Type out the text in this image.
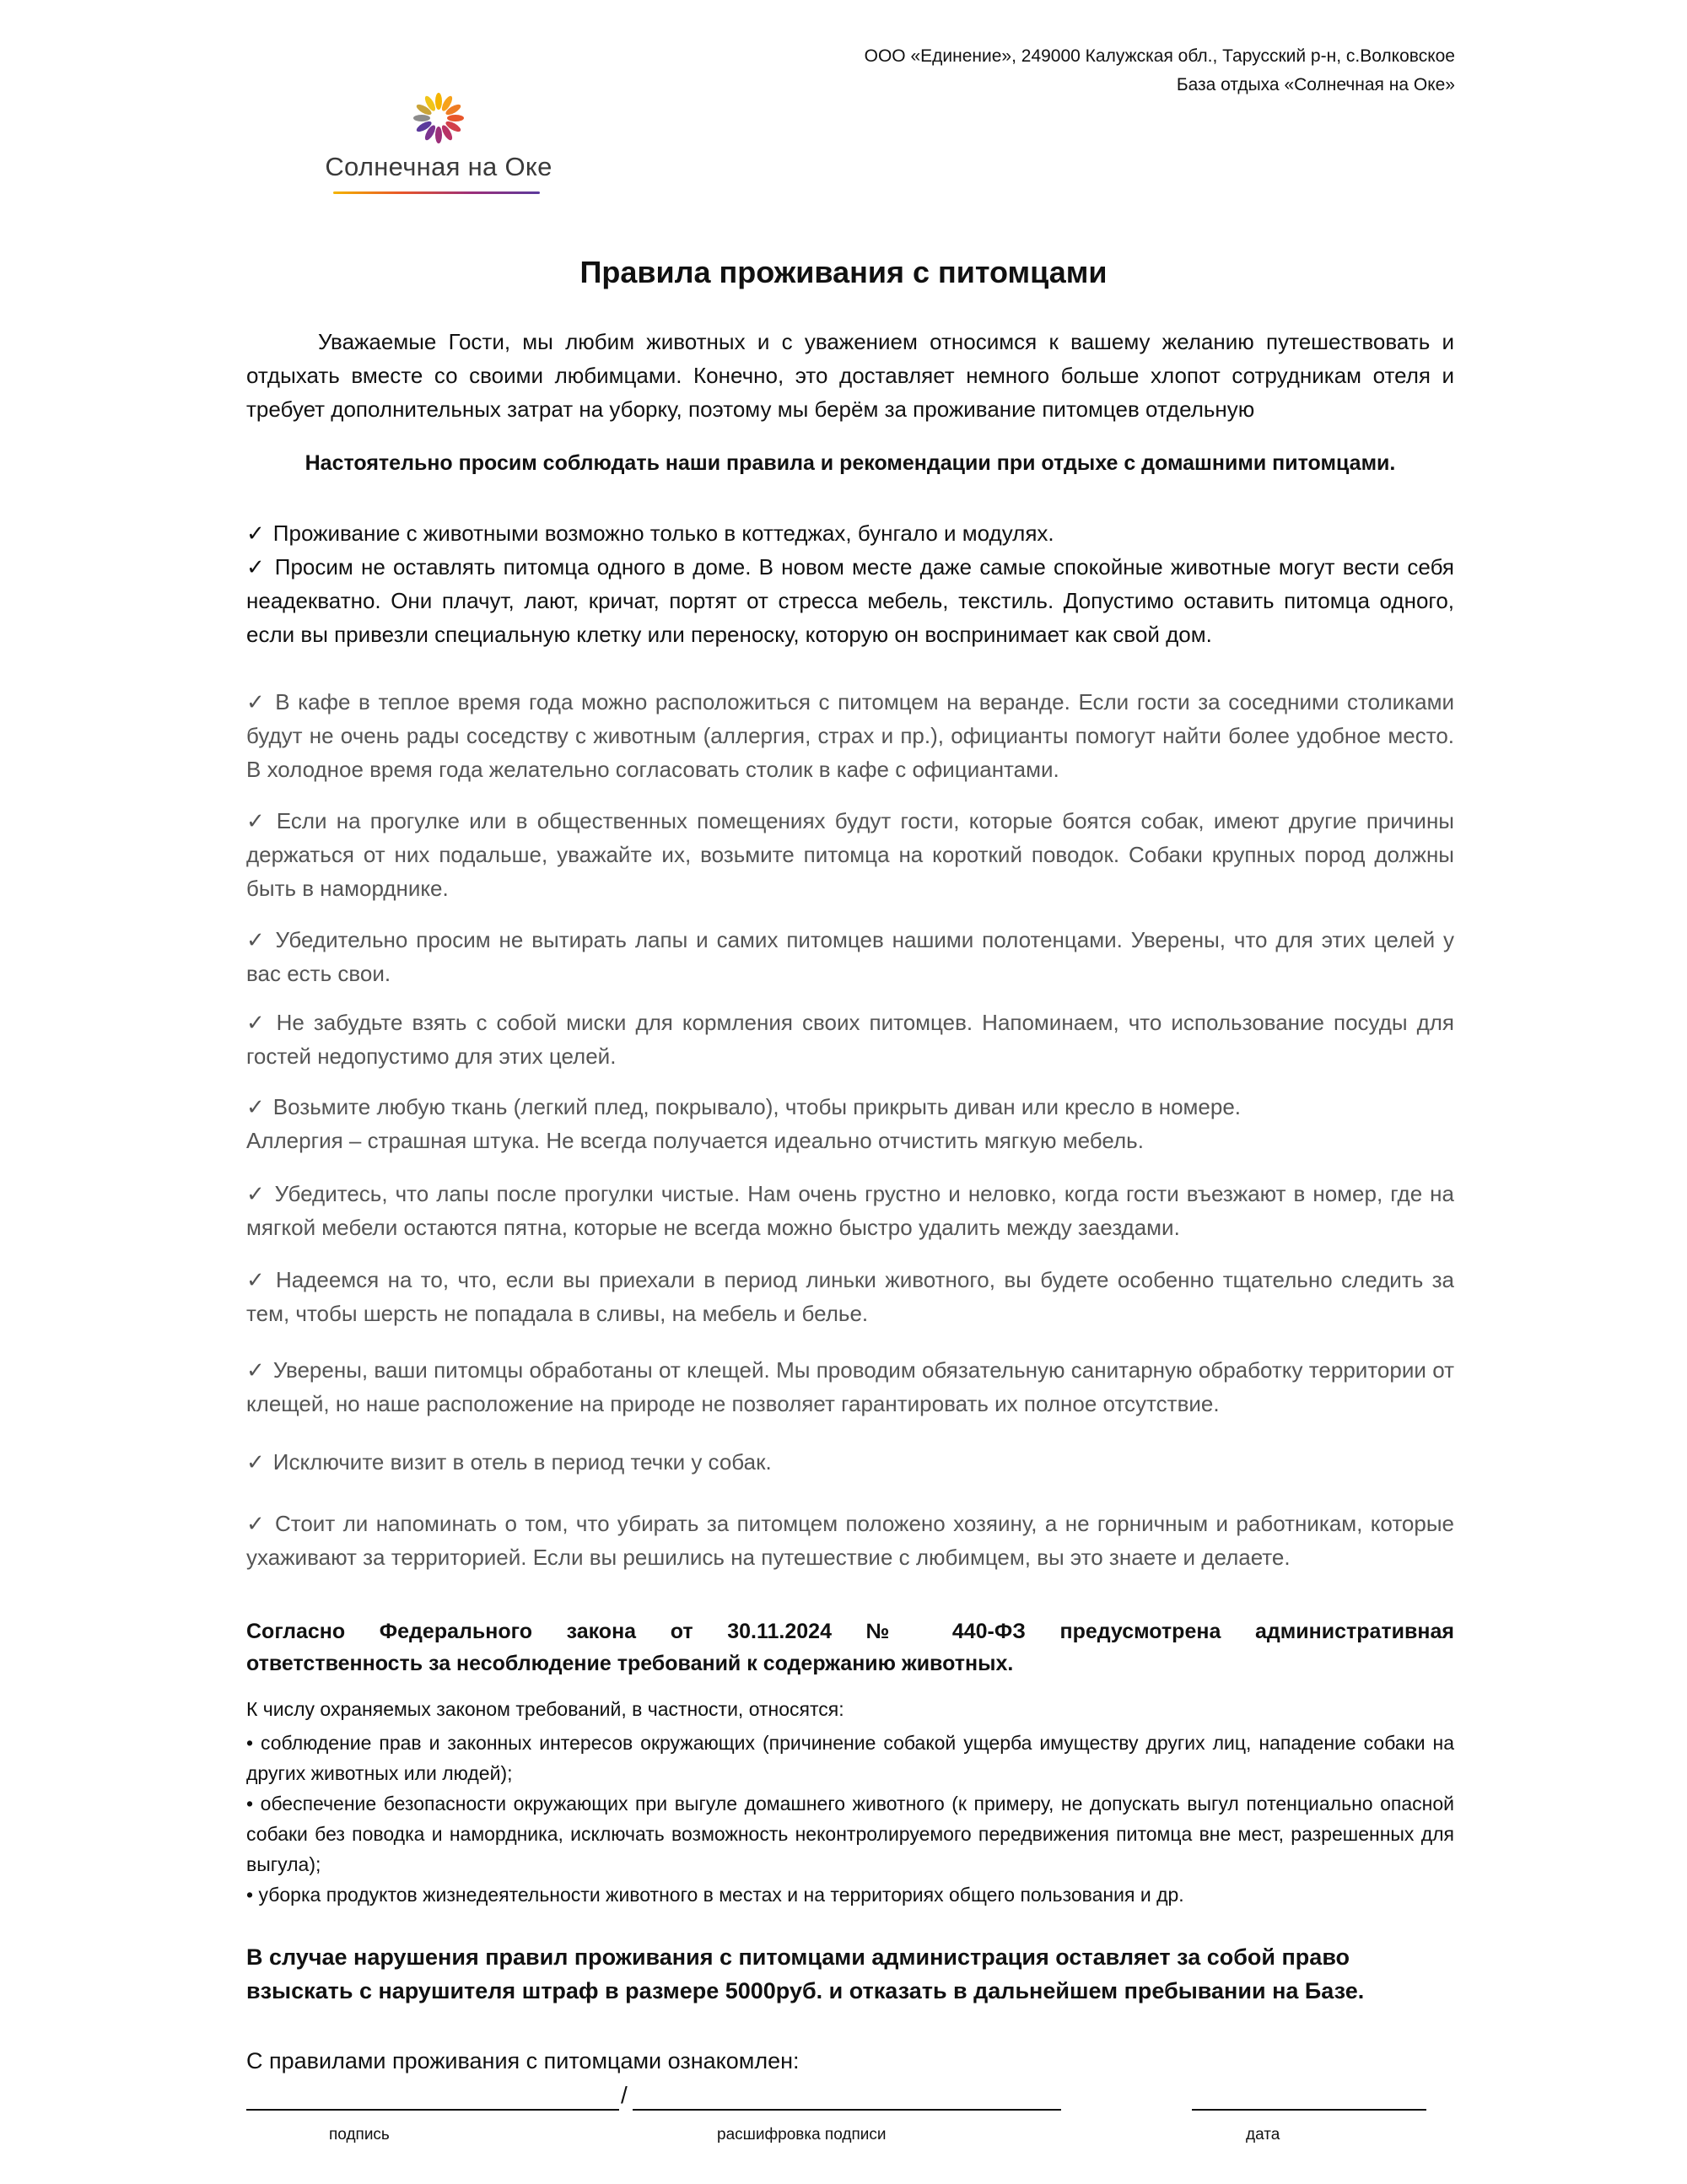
ООО «Единение», 249000 Калужская обл., Тарусский р-н, с.Волковское
База отдыха «Солнечная на Оке»
Солнечная на Оке
Правила проживания с питомцами
Уважаемые Гости, мы любим животных и с уважением относимся к вашему желанию путешествовать и отдыхать вместе со своими любимцами. Конечно, это доставляет немного больше хлопот сотрудникам отеля и требует дополнительных затрат на уборку, поэтому мы берём за проживание питомцев отдельную
Настоятельно просим соблюдать наши правила и рекомендации при отдыхе с домашними питомцами.
✓ Проживание с животными возможно только в коттеджах, бунгало и модулях.
✓ Просим не оставлять питомца одного в доме. В новом месте даже самые спокойные животные могут вести себя неадекватно. Они плачут, лают, кричат, портят от стресса мебель, текстиль. Допустимо оставить питомца одного, если вы привезли специальную клетку или переноску, которую он воспринимает как свой дом.
✓ В кафе в теплое время года можно расположиться с питомцем на веранде. Если гости за соседними столиками будут не очень рады соседству с животным (аллергия, страх и пр.), официанты помогут найти более удобное место. В холодное время года желательно согласовать столик в кафе с официантами.
✓ Если на прогулке или в общественных помещениях будут гости, которые боятся собак, имеют другие причины держаться от них подальше, уважайте их, возьмите питомца на короткий поводок. Собаки крупных пород должны быть в наморднике.
✓ Убедительно просим не вытирать лапы и самих питомцев нашими полотенцами. Уверены, что для этих целей у вас есть свои.
✓ Не забудьте взять с собой миски для кормления своих питомцев. Напоминаем, что использование посуды для гостей недопустимо для этих целей.
✓ Возьмите любую ткань (легкий плед, покрывало), чтобы прикрыть диван или кресло в номере.
Аллергия – страшная штука. Не всегда получается идеально отчистить мягкую мебель.
✓ Убедитесь, что лапы после прогулки чистые. Нам очень грустно и неловко, когда гости въезжают в номер, где на мягкой мебели остаются пятна, которые не всегда можно быстро удалить между заездами.
✓ Надеемся на то, что, если вы приехали в период линьки животного, вы будете особенно тщательно следить за тем, чтобы шерсть не попадала в сливы, на мебель и белье.
✓ Уверены, ваши питомцы обработаны от клещей. Мы проводим обязательную санитарную обработку территории от клещей, но наше расположение на природе не позволяет гарантировать их полное отсутствие.
✓ Исключите визит в отель в период течки у собак.
✓ Стоит ли напоминать о том, что убирать за питомцем положено хозяину, а не горничным и работникам, которые ухаживают за территорией. Если вы решились на путешествие с любимцем, вы это знаете и делаете.
Согласно Федерального закона от 30.11.2024 № 440-ФЗ предусмотрена административная
ответственность за несоблюдение требований к содержанию животных.
К числу охраняемых законом требований, в частности, относятся:
• соблюдение прав и законных интересов окружающих (причинение собакой ущерба имуществу других лиц, нападение собаки на других животных или людей);
• обеспечение безопасности окружающих при выгуле домашнего животного (к примеру, не допускать выгул потенциально опасной собаки без поводка и намордника, исключать возможность неконтролируемого передвижения питомца вне мест, разрешенных для выгула);
• уборка продуктов жизнедеятельности животного в местах и на территориях общего пользования и др.
В случае нарушения правил проживания с питомцами администрация оставляет за собой право взыскать с нарушителя штраф в размере 5000руб. и отказать в дальнейшем пребывании на Базе.
С правилами проживания с питомцами ознакомлен:
/
подпись	расшифровка подписи	дата
